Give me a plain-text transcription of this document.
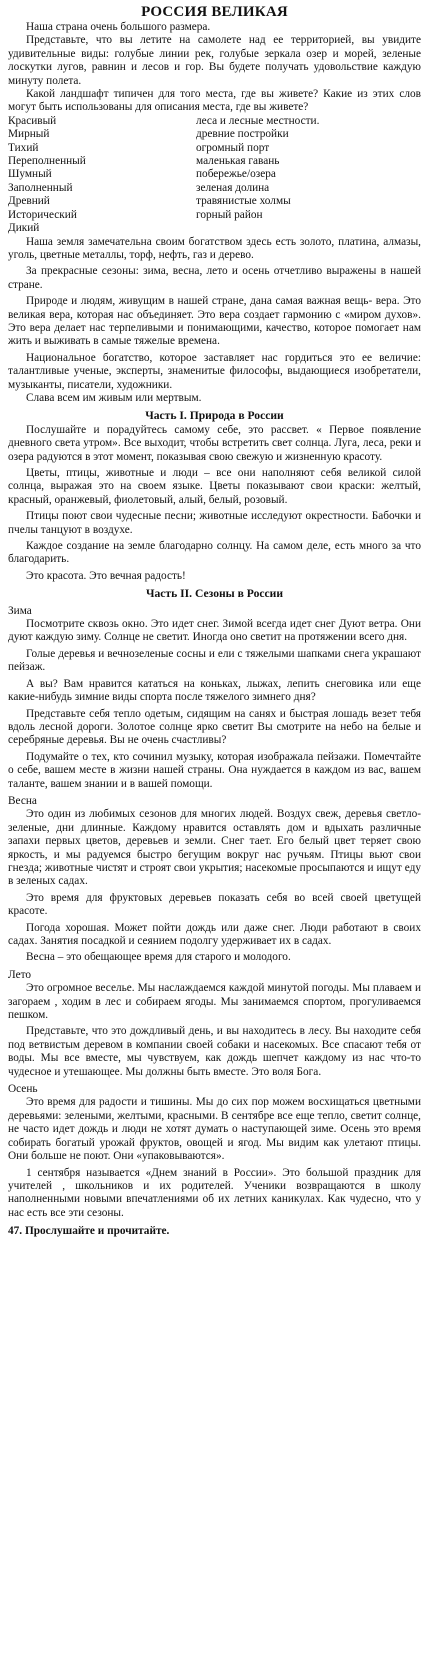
РОССИЯ ВЕЛИКАЯ

Наша страна очень большого размера.

Представьте, что вы летите на самолете над ее территорией, вы увидите удивительные виды: голубые линии рек, голубые зеркала озер и морей, зеленые лоскутки лугов, равнин и лесов и гор. Вы будете получать удовольствие каждую минуту полета.

Какой ландшафт типичен для того места, где вы живете? Какие из этих слов могут быть использованы для описания места, где вы живете?

Красивый	леса и лесные местности.
Мирный	древние постройки
Тихий	огромный порт
Переполненный	маленькая гавань
Шумный	побережье/озера
Заполненный	зеленая долина
Древний	травянистые холмы
Исторический	горный район
Дикий

Наша земля замечательна своим богатством здесь есть золото, платина, алмазы, уголь, цветные металлы, торф, нефть, газ и дерево.

За прекрасные сезоны: зима, весна, лето и осень отчетливо выражены в нашей стране.

Природе и людям, живущим в нашей стране, дана самая важная вещь- вера. Это великая вера, которая нас объединяет. Это вера создает гармонию с «миром духов». Это вера делает нас терпеливыми и понимающими, качество, которое помогает нам жить и выживать в самые тяжелые времена.

Национальное богатство, которое заставляет нас гордиться это ее величие: талантливые ученые, эксперты, знаменитые философы, выдающиеся изобретатели, музыканты, писатели, художники.

Слава всем им живым или мертвым.

Часть I. Природа в России

Послушайте и порадуйтесь самому себе, это рассвет. « Первое появление дневного света утром». Все выходит, чтобы встретить свет солнца. Луга, леса, реки и озера радуются в этот момент, показывая свою свежую и жизненную красоту.

Цветы, птицы, животные и люди – все они наполняют себя великой силой солнца, выражая это на своем языке. Цветы показывают свои краски: желтый, красный, оранжевый, фиолетовый, алый, белый, розовый.

Птицы поют свои чудесные песни; животные исследуют окрестности. Бабочки и пчелы танцуют в воздухе.

Каждое создание на земле благодарно солнцу. На самом деле, есть много за что благодарить.

Это красота. Это вечная радость!

Часть II. Сезоны в России

Зима

Посмотрите сквозь окно. Это идет снег. Зимой всегда идет снег Дуют ветра. Они дуют каждую зиму. Солнце не светит. Иногда оно светит на протяжении всего дня.

Голые деревья и вечнозеленые сосны и ели с тяжелыми шапками снега украшают пейзаж.

А вы? Вам нравится кататься на коньках, лыжах, лепить снеговика или еще какие-нибудь зимние виды спорта после тяжелого зимнего дня?

Представьте себя тепло одетым, сидящим на санях и быстрая лошадь везет тебя вдоль лесной дороги. Золотое солнце ярко светит Вы смотрите на небо на белые и серебряные деревья. Вы не очень счастливы?

Подумайте о тех, кто сочинил музыку, которая изображала пейзажи. Помечтайте о себе, вашем месте в жизни нашей страны. Она нуждается в каждом из вас, вашем таланте, вашем знании и в вашей помощи.

Весна

Это один из любимых сезонов для многих людей. Воздух свеж, деревья светло-зеленые, дни длинные. Каждому нравится оставлять дом и вдыхать различные запахи первых цветов, деревьев и земли. Снег тает. Его белый цвет теряет свою яркость, и мы радуемся быстро бегущим вокруг нас ручьям. Птицы вьют свои гнезда; животные чистят и строят свои укрытия; насекомые просыпаются и ищут еду в зеленых садах.

Это время для фруктовых деревьев показать себя во всей своей цветущей красоте.

Погода хорошая. Может пойти дождь или даже снег. Люди работают в своих садах. Занятия посадкой и сеянием подолгу удерживает их в садах.

Весна – это обещающее время для старого и молодого.

Лето

Это огромное веселье. Мы наслаждаемся каждой минутой погоды. Мы плаваем и загораем , ходим в лес и собираем ягоды. Мы занимаемся спортом, прогуливаемся пешком.

Представьте, что это дождливый день, и вы находитесь в лесу. Вы находите себя под ветвистым деревом в компании своей собаки и насекомых. Все спасают тебя от воды. Мы все вместе, мы чувствуем, как дождь шепчет каждому из нас что-то чудесное и утешающее. Мы должны быть вместе. Это воля Бога.

Осень

Это время для радости и тишины. Мы до сих пор можем восхищаться цветными деревьями: зелеными, желтыми, красными. В сентябре все еще тепло, светит солнце, не часто идет дождь и люди не хотят думать о наступающей зиме. Осень это время собирать богатый урожай фруктов, овощей и ягод. Мы видим как улетают птицы. Они больше не поют. Они «упаковываются».

1 сентября называется «Днем знаний в России». Это большой праздник для учителей , школьников и их родителей. Ученики возвращаются в школу наполненными новыми впечатлениями об их летних каникулах. Как чудесно, что у нас есть все эти сезоны.

47. Прослушайте и прочитайте.
